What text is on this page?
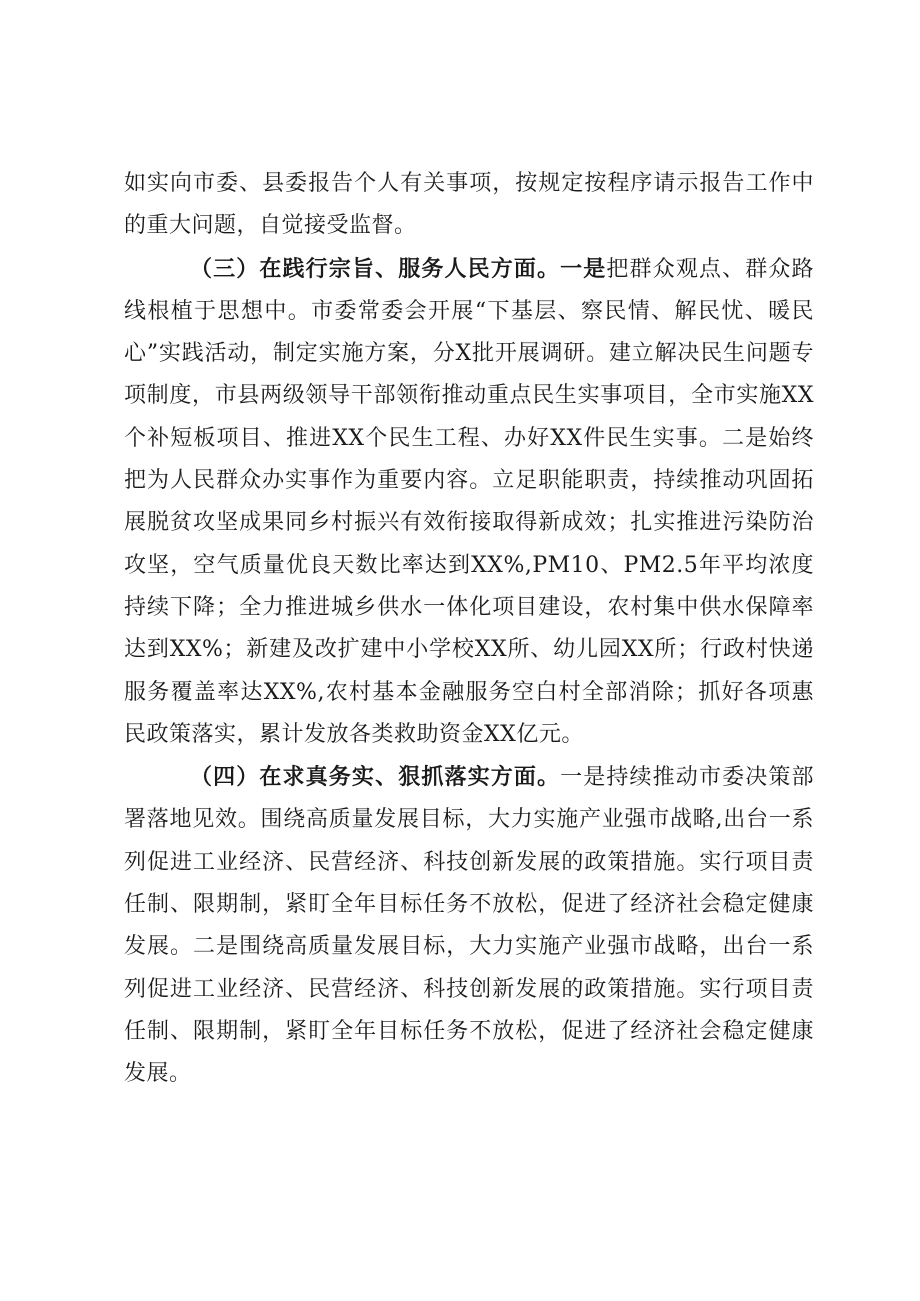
如实向市委、县委报告个人有关事项，按规定按程序请示报告工作中的重大问题，自觉接受监督。

（三）在践行宗旨、服务人民方面。一是把群众观点、群众路线根植于思想中。市委常委会开展“下基层、察民情、解民忧、暖民心”实践活动，制定实施方案，分X批开展调研。建立解决民生问题专项制度，市县两级领导干部领衔推动重点民生实事项目，全市实施XX个补短板项目、推进XX个民生工程、办好XX件民生实事。二是始终把为人民群众办实事作为重要内容。立足职能职责，持续推动巩固拓展脱贫攻坚成果同乡村振兴有效衔接取得新成效；扎实推进污染防治攻坚，空气质量优良天数比率达到XX%,PM10、PM2.5年平均浓度持续下降；全力推进城乡供水一体化项目建设，农村集中供水保障率达到XX%；新建及改扩建中小学校XX所、幼儿园XX所；行政村快递服务覆盖率达XX%,农村基本金融服务空白村全部消除；抓好各项惠民政策落实，累计发放各类救助资金XX亿元。

（四）在求真务实、狠抓落实方面。一是持续推动市委决策部署落地见效。围绕高质量发展目标，大力实施产业强市战略,出台一系列促进工业经济、民营经济、科技创新发展的政策措施。实行项目责任制、限期制，紧盯全年目标任务不放松，促进了经济社会稳定健康发展。二是围绕高质量发展目标，大力实施产业强市战略，出台一系列促进工业经济、民营经济、科技创新发展的政策措施。实行项目责任制、限期制，紧盯全年目标任务不放松，促进了经济社会稳定健康发展。
